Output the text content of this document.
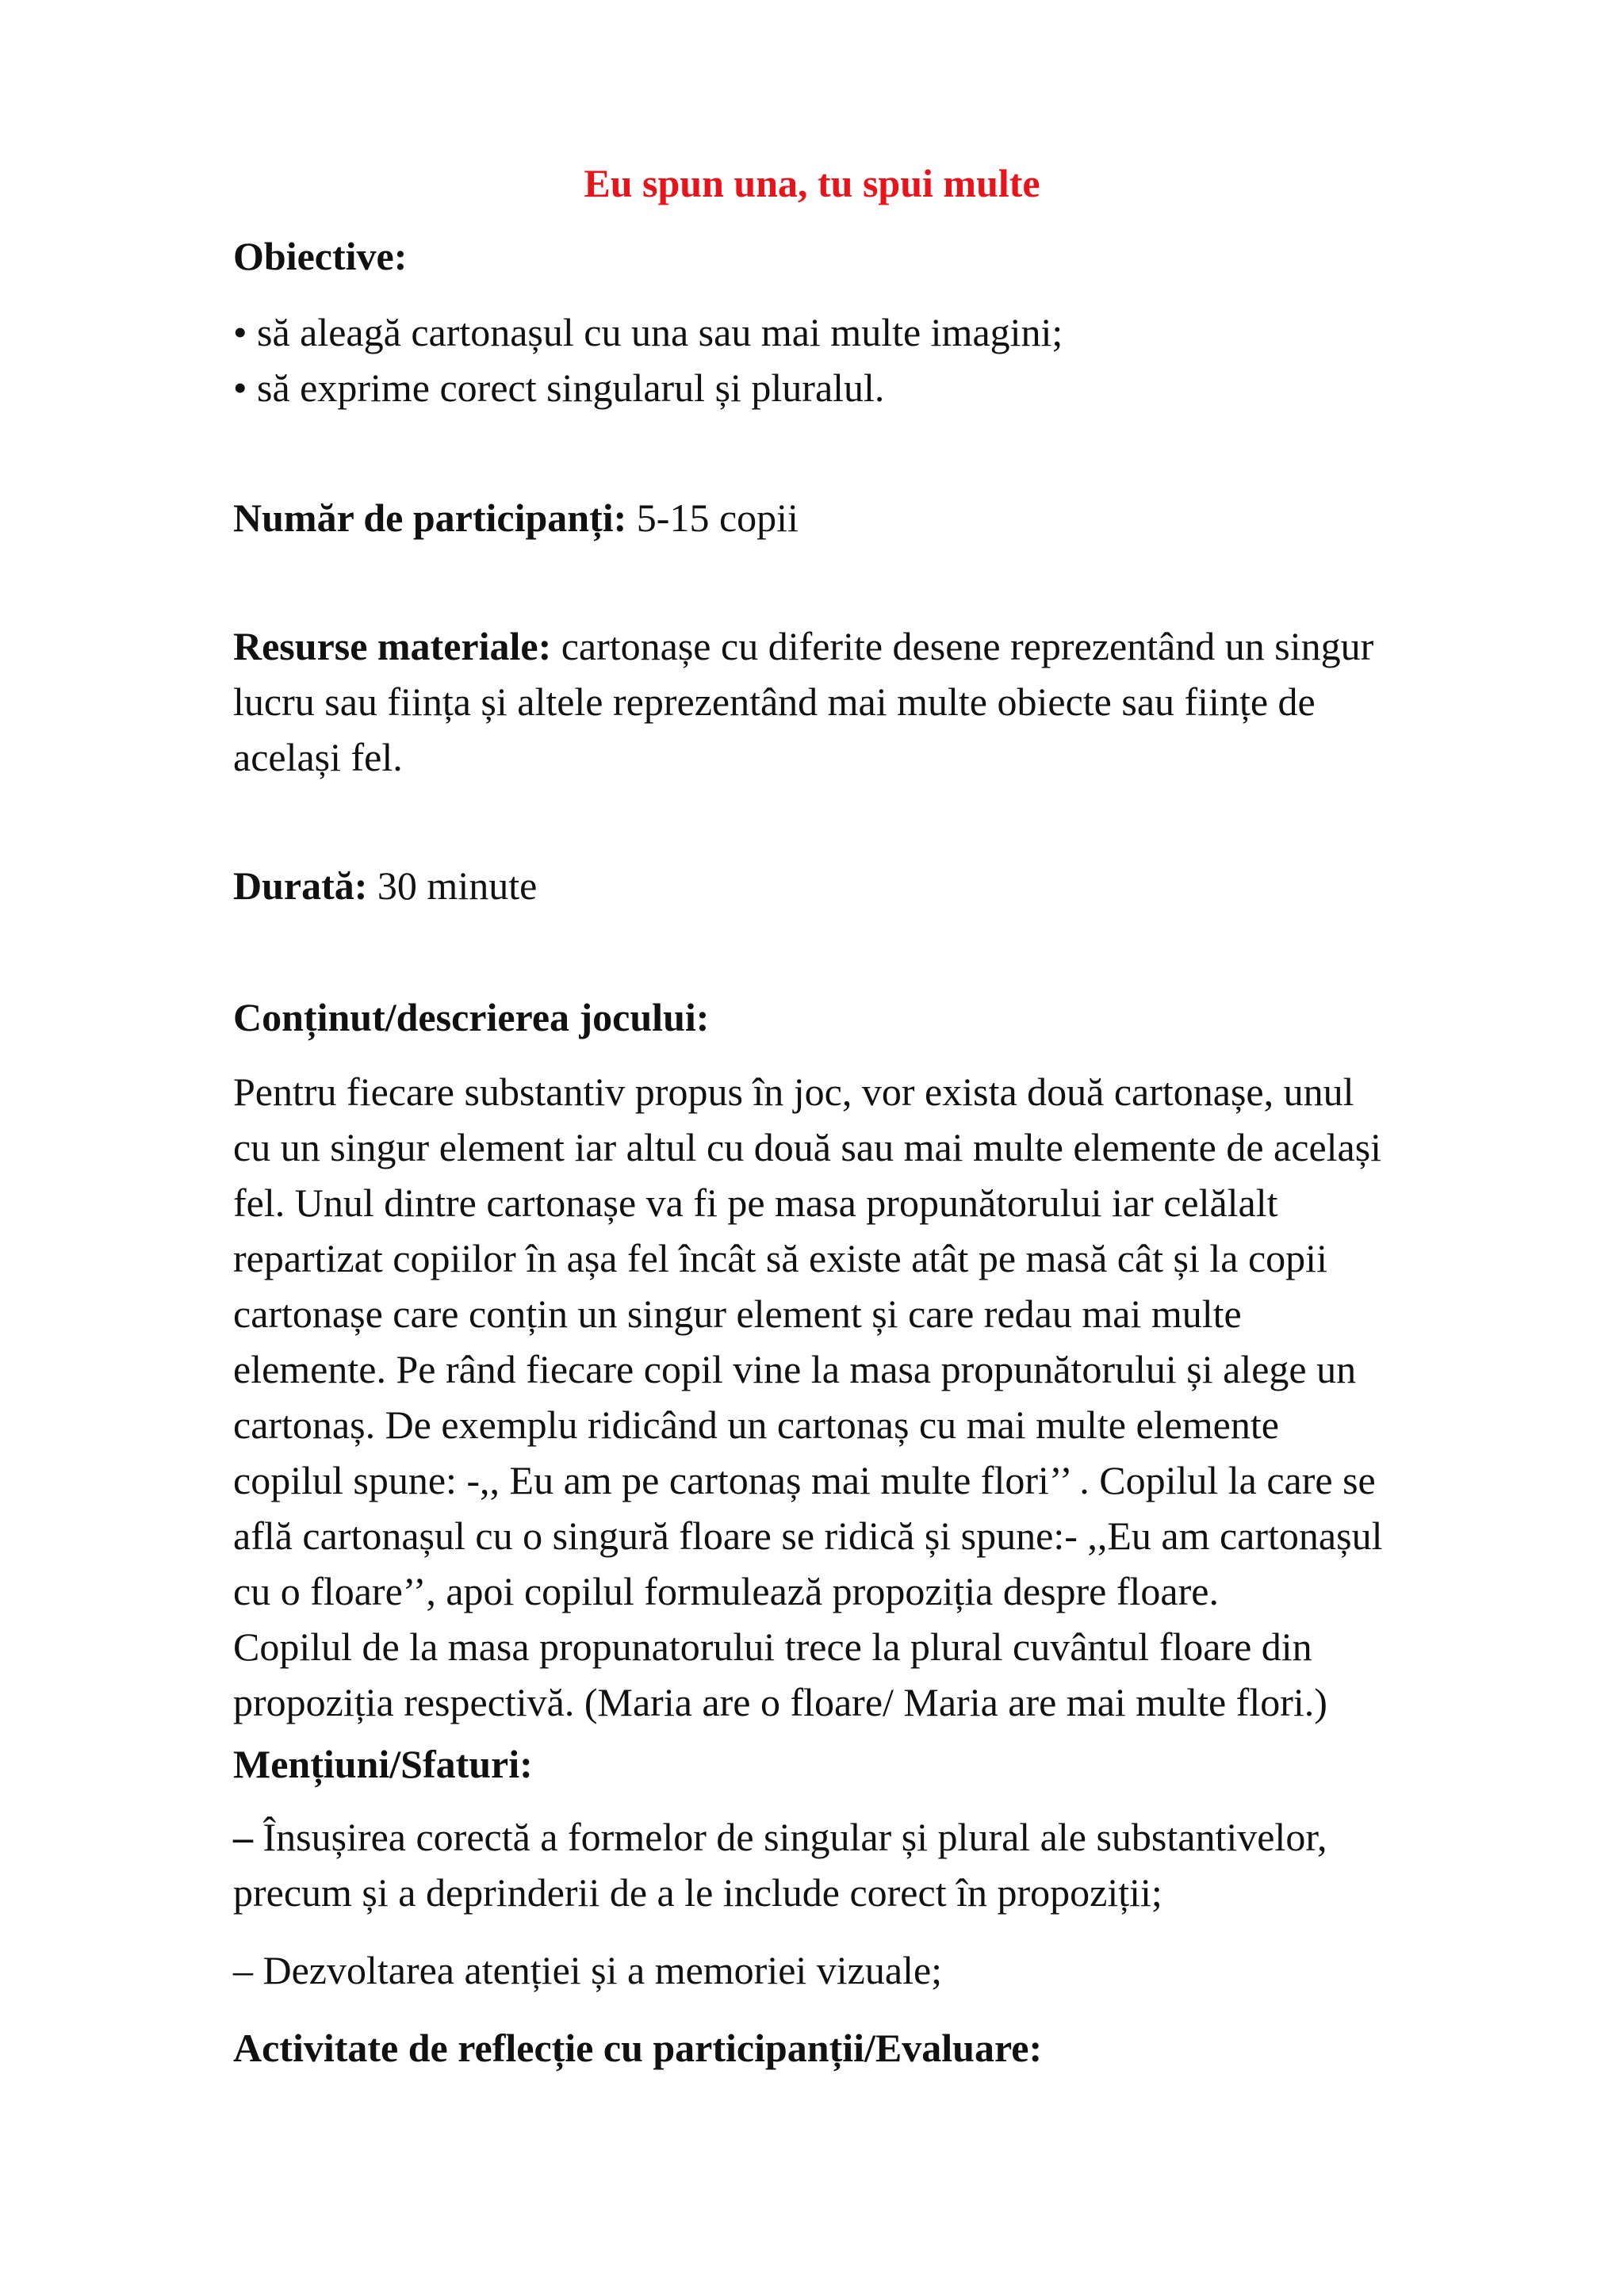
Eu spun una, tu spui multe
Obiective:
• să aleagă cartonașul cu una sau mai multe imagini;
• să exprime corect singularul și pluralul.
Număr de participanți: 5-15 copii
Resurse materiale: cartonașe cu diferite desene reprezentând un singur
lucru sau ființa și altele reprezentând mai multe obiecte sau ființe de
același fel.
Durată: 30 minute
Conținut/descrierea jocului:
Pentru fiecare substantiv propus în joc, vor exista două cartonașe, unul
cu un singur element iar altul cu două sau mai multe elemente de același
fel. Unul dintre cartonașe va fi pe masa propunătorului iar celălalt
repartizat copiilor în așa fel încât să existe atât pe masă cât și la copii
cartonașe care conțin un singur element și care redau mai multe
elemente. Pe rând fiecare copil vine la masa propunătorului și alege un
cartonaș. De exemplu ridicând un cartonaș cu mai multe elemente
copilul spune: -,, Eu am pe cartonaș mai multe flori’’ . Copilul la care se
află cartonașul cu o singură floare se ridică și spune:- ,,Eu am cartonașul
cu o floare’’, apoi copilul formulează propoziția despre floare.
Copilul de la masa propunatorului trece la plural cuvântul floare din
propoziția respectivă. (Maria are o floare/ Maria are mai multe flori.)
Mențiuni/Sfaturi:
– Însușirea corectă a formelor de singular și plural ale substantivelor,
precum și a deprinderii de a le include corect în propoziții;
– Dezvoltarea atenției și a memoriei vizuale;
Activitate de reflecție cu participanții/Evaluare:
